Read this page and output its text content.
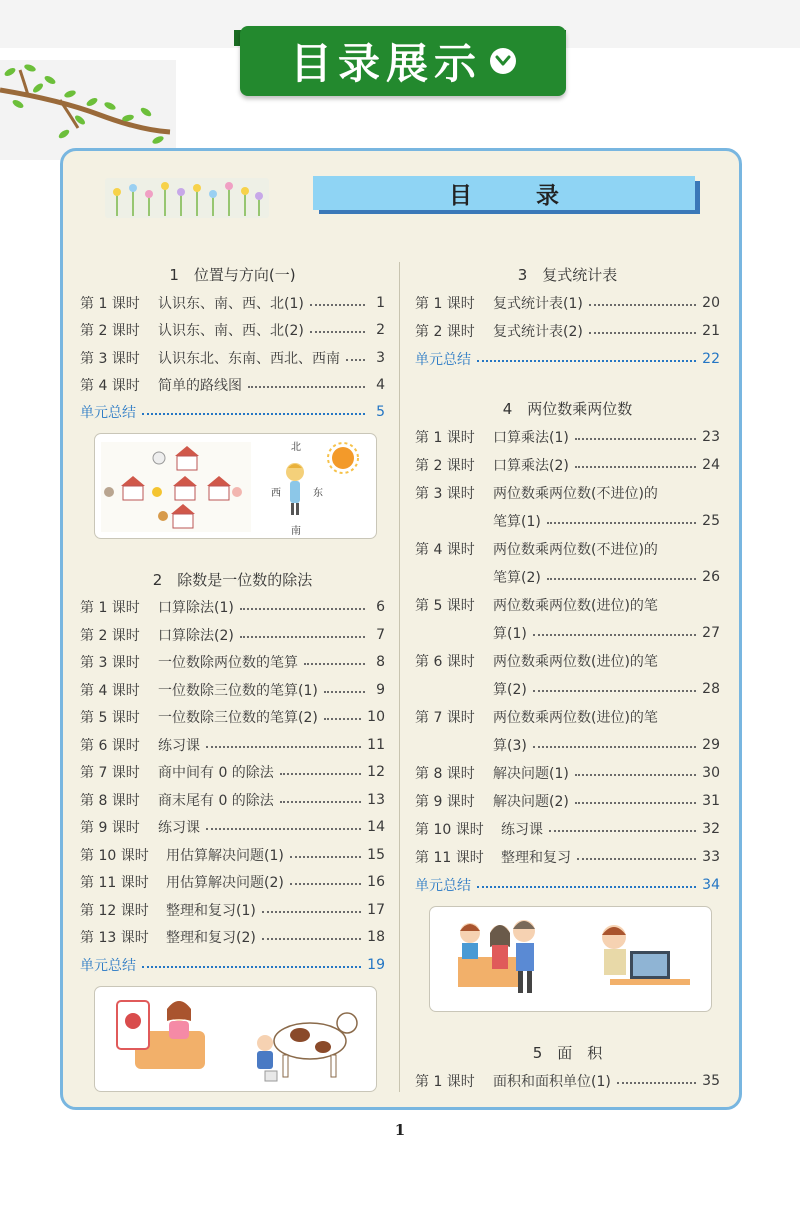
目录展示
目 录
1　位置与方向(一)
2　除数是一位数的除法
3　复式统计表
4　两位数乘两位数
5　面　积
第 1 课时	认识东、南、西、北(1)	1
第 2 课时	认识东、南、西、北(2)	2
第 3 课时	认识东北、东南、西北、西南	3
第 4 课时	简单的路线图	4
单元总结	5
第 1 课时	口算除法(1)	6
第 2 课时	口算除法(2)	7
第 3 课时	一位数除两位数的笔算	8
第 4 课时	一位数除三位数的笔算(1)	9
第 5 课时	一位数除三位数的笔算(2)	10
第 6 课时	练习课	11
第 7 课时	商中间有 0 的除法	12
第 8 课时	商末尾有 0 的除法	13
第 9 课时	练习课	14
第 10 课时	用估算解决问题(1)	15
第 11 课时	用估算解决问题(2)	16
第 12 课时	整理和复习(1)	17
第 13 课时	整理和复习(2)	18
单元总结	19
第 1 课时	复式统计表(1)	20
第 2 课时	复式统计表(2)	21
单元总结	22
第 1 课时	口算乘法(1)	23
第 2 课时	口算乘法(2)	24
第 3 课时	两位数乘两位数(不进位)的
笔算(1)	25
第 4 课时	两位数乘两位数(不进位)的
笔算(2)	26
第 5 课时	两位数乘两位数(进位)的笔
算(1)	27
第 6 课时	两位数乘两位数(进位)的笔
算(2)	28
第 7 课时	两位数乘两位数(进位)的笔
算(3)	29
第 8 课时	解决问题(1)	30
第 9 课时	解决问题(2)	31
第 10 课时	练习课	32
第 11 课时	整理和复习	33
单元总结	34
第 1 课时	面积和面积单位(1)	35
北
南
东
西
1
